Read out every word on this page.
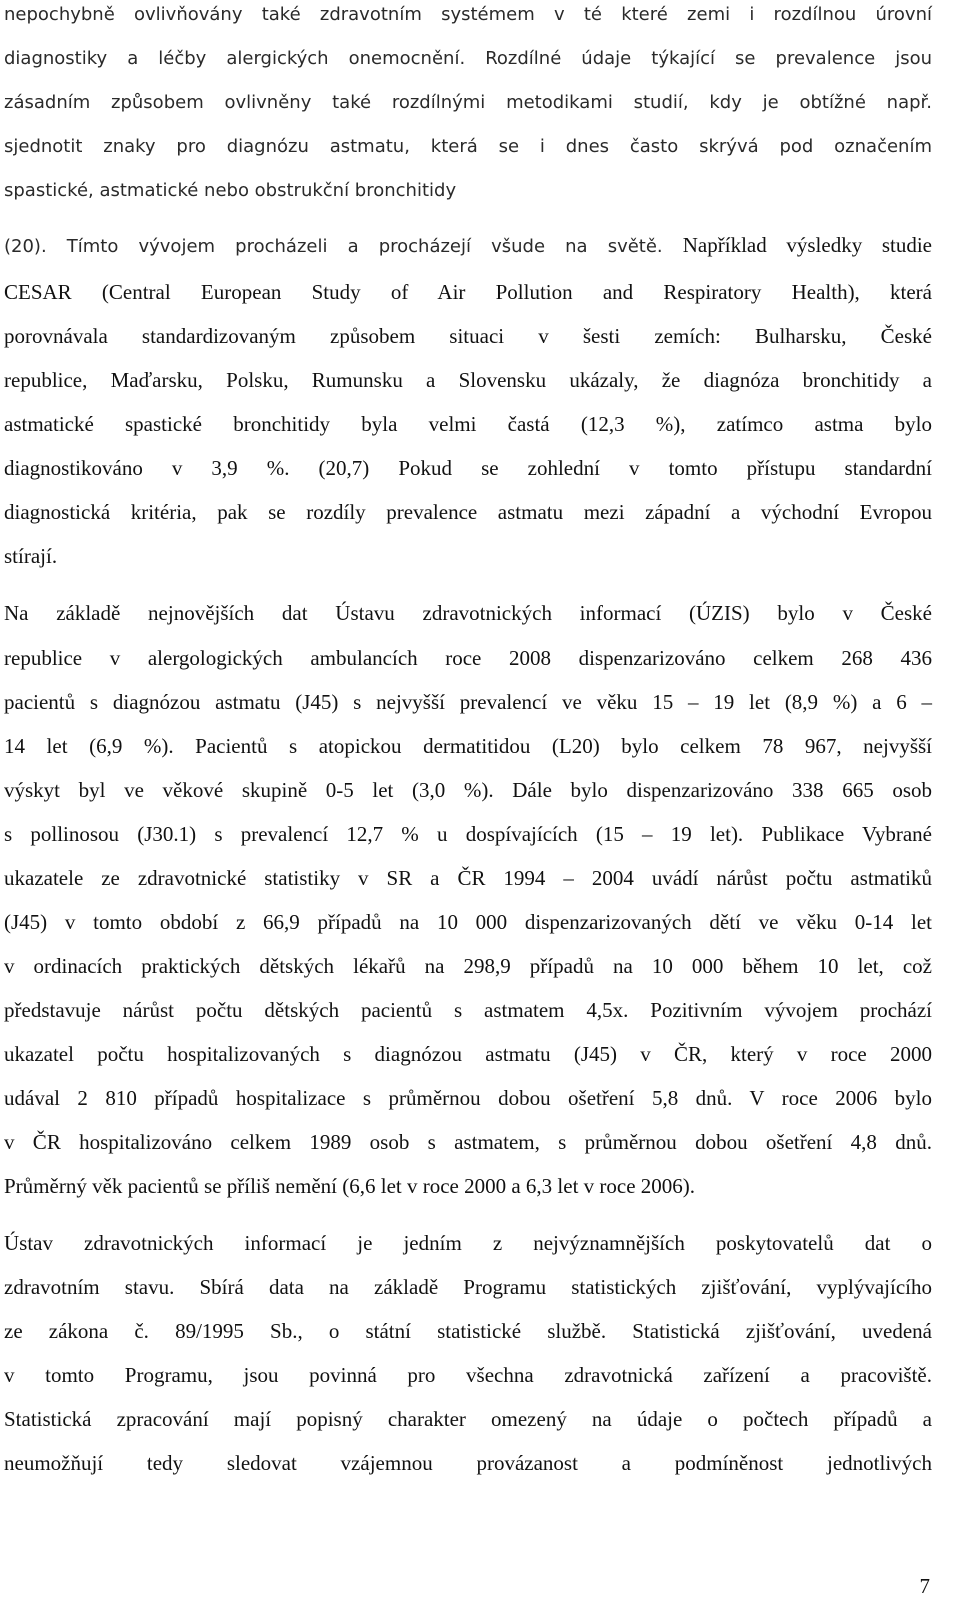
nepochybně ovlivňovány také zdravotním systémem v té které zemi i rozdílnou úrovní
diagnostiky a léčby alergických onemocnění. Rozdílné údaje týkající se prevalence jsou
zásadním způsobem ovlivněny také rozdílnými metodikami studií, kdy je obtížné např.
sjednotit znaky pro diagnózu astmatu, která se i dnes často skrývá pod označením
spastické, astmatické nebo obstrukční bronchitidy
(20). Tímto vývojem procházeli a procházejí všude na světě. Například výsledky studie
CESAR (Central European Study of Air Pollution and Respiratory Health), která
porovnávala standardizovaným způsobem situaci v šesti zemích: Bulharsku, České
republice, Maďarsku, Polsku, Rumunsku a Slovensku ukázaly, že diagnóza bronchitidy a
astmatické spastické bronchitidy byla velmi častá (12,3 %), zatímco astma bylo
diagnostikováno v 3,9 %. (20,7) Pokud se zohlední v tomto přístupu standardní
diagnostická kritéria, pak se rozdíly prevalence astmatu mezi západní a východní Evropou
stírají.
Na základě nejnovějších dat Ústavu zdravotnických informací (ÚZIS) bylo v České
republice v alergologických ambulancích roce 2008 dispenzarizováno celkem 268 436
pacientů s diagnózou astmatu (J45) s nejvyšší prevalencí ve věku 15 – 19 let (8,9 %) a 6 –
14 let (6,9 %). Pacientů s atopickou dermatitidou (L20) bylo celkem 78 967, nejvyšší
výskyt byl ve věkové skupině 0-5 let (3,0 %). Dále bylo dispenzarizováno 338 665 osob
s pollinosou (J30.1) s prevalencí 12,7 % u dospívajících (15 – 19 let). Publikace Vybrané
ukazatele ze zdravotnické statistiky v SR a ČR 1994 – 2004 uvádí nárůst počtu astmatiků
(J45) v tomto období z 66,9 případů na 10 000 dispenzarizovaných dětí ve věku 0-14 let
v ordinacích praktických dětských lékařů na 298,9 případů na 10 000 během 10 let, což
představuje nárůst počtu dětských pacientů s astmatem 4,5x. Pozitivním vývojem prochází
ukazatel počtu hospitalizovaných s diagnózou astmatu (J45) v ČR, který v roce 2000
udával 2 810 případů hospitalizace s průměrnou dobou ošetření 5,8 dnů. V roce 2006 bylo
v ČR hospitalizováno celkem 1989 osob s astmatem, s průměrnou dobou ošetření 4,8 dnů.
Průměrný věk pacientů se příliš nemění (6,6 let v roce 2000 a 6,3 let v roce 2006).
Ústav zdravotnických informací je jedním z nejvýznamnějších poskytovatelů dat o
zdravotním stavu. Sbírá data na základě Programu statistických zjišťování, vyplývajícího
ze zákona č. 89/1995 Sb., o státní statistické službě. Statistická zjišťování, uvedená
v tomto Programu, jsou povinná pro všechna zdravotnická zařízení a pracoviště.
Statistická zpracování mají popisný charakter omezený na údaje o počtech případů a
neumožňují tedy sledovat vzájemnou provázanost a podmíněnost jednotlivých
7
